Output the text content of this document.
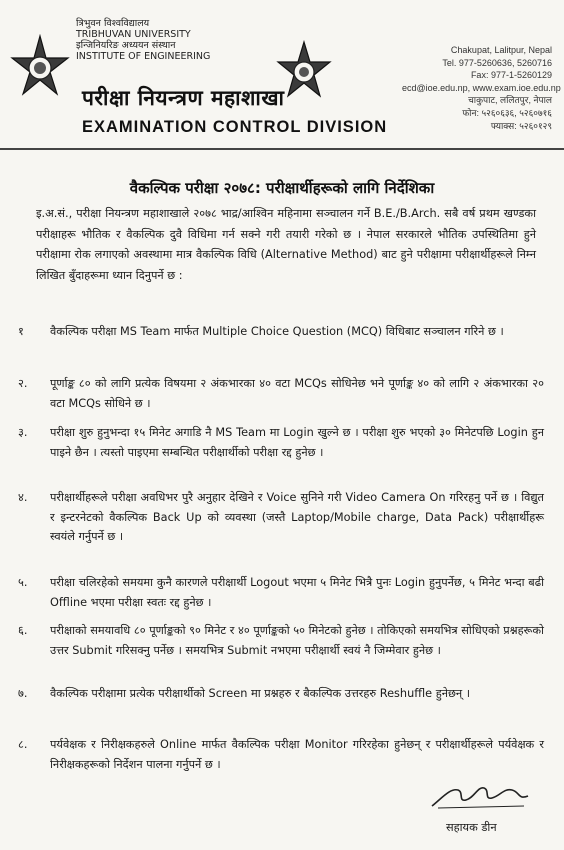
त्रिभुवन विश्वविद्यालय
TRIBHUVAN UNIVERSITY
इन्जिनियरिङ अध्ययन संस्थान
INSTITUTE OF ENGINEERING
परीक्षा नियन्त्रण महाशाखा
EXAMINATION CONTROL DIVISION
Chakupat, Lalitpur, Nepal
Tel. 977-5260636, 5260716
Fax: 977-1-5260129
ecd@ioe.edu.np, www.exam.ioe.edu.np
चाकुपाट, ललितपुर, नेपाल
फोन: ५२६०६३६, ५२६०७१६
फ्याक्स: ५२६०१२९
वैकल्पिक परीक्षा २०७८: परीक्षार्थीहरूको लागि निर्देशिका
इ.अ.सं., परीक्षा नियन्त्रण महाशाखाले २०७८ भाद्र/आश्विन महिनामा सञ्चालन गर्ने B.E./B.Arch. सबै वर्ष प्रथम खण्डका परीक्षाहरू भौतिक र वैकल्पिक दुवै विधिमा गर्न सक्ने गरी तयारी गरेको छ । नेपाल सरकारले भौतिक उपस्थितिमा हुने परीक्षामा रोक लगाएको अवस्थामा मात्र वैकल्पिक विधि (Alternative Method) बाट हुने परीक्षामा परीक्षार्थीहरूले निम्न लिखित बुँदाहरूमा ध्यान दिनुपर्ने छ :
१	वैकल्पिक परीक्षा MS Team मार्फत Multiple Choice Question (MCQ) विधिबाट सञ्चालन गरिने छ ।
२.	पूर्णाङ्क ८० को लागि प्रत्येक विषयमा २ अंकभारका ४० वटा MCQs सोधिनेछ भने पूर्णाङ्क ४० को लागि २ अंकभारका २० वटा MCQs सोधिने छ ।
३.	परीक्षा शुरु हुनुभन्दा १५ मिनेट अगाडि नै MS Team मा Login खुल्ने छ । परीक्षा शुरु भएको ३० मिनेटपछि Login हुन पाइने छैन । त्यस्तो पाइएमा सम्बन्धित परीक्षार्थीको परीक्षा रद्द हुनेछ ।
४.	परीक्षार्थीहरूले परीक्षा अवधिभर पुरै अनुहार देखिने र Voice सुनिने गरी Video Camera On गरिरहनु पर्ने छ । विद्युत र इन्टरनेटको वैकल्पिक Back Up को व्यवस्था (जस्तै Laptop/Mobile charge, Data Pack) परीक्षार्थीहरू स्वयंले गर्नुपर्ने छ ।
५.	परीक्षा चलिरहेको समयमा कुनै कारणले परीक्षार्थी Logout भएमा ५ मिनेट भित्रै पुनः Login हुनुपर्नेछ, ५ मिनेट भन्दा बढी Offline भएमा परीक्षा स्वतः रद्द हुनेछ ।
६.	परीक्षाको समयावधि ८० पूर्णाङ्कको ९० मिनेट र ४० पूर्णाङ्कको ५० मिनेटको हुनेछ । तोकिएको समयभित्र सोधिएको प्रश्नहरूको उत्तर Submit गरिसक्नु पर्नेछ । समयभित्र Submit नभएमा परीक्षार्थी स्वयं नै जिम्मेवार हुनेछ ।
७.	वैकल्पिक परीक्षामा प्रत्येक परीक्षार्थीको Screen मा प्रश्नहरु र बैकल्पिक उत्तरहरु Reshuffle हुनेछन् ।
८.	पर्यवेक्षक र निरीक्षकहरुले Online मार्फत वैकल्पिक परीक्षा Monitor गरिरहेका हुनेछन् र परीक्षार्थीहरूले पर्यवेक्षक र निरीक्षकहरूको निर्देशन पालना गर्नुपर्ने छ ।
सहायक डीन
